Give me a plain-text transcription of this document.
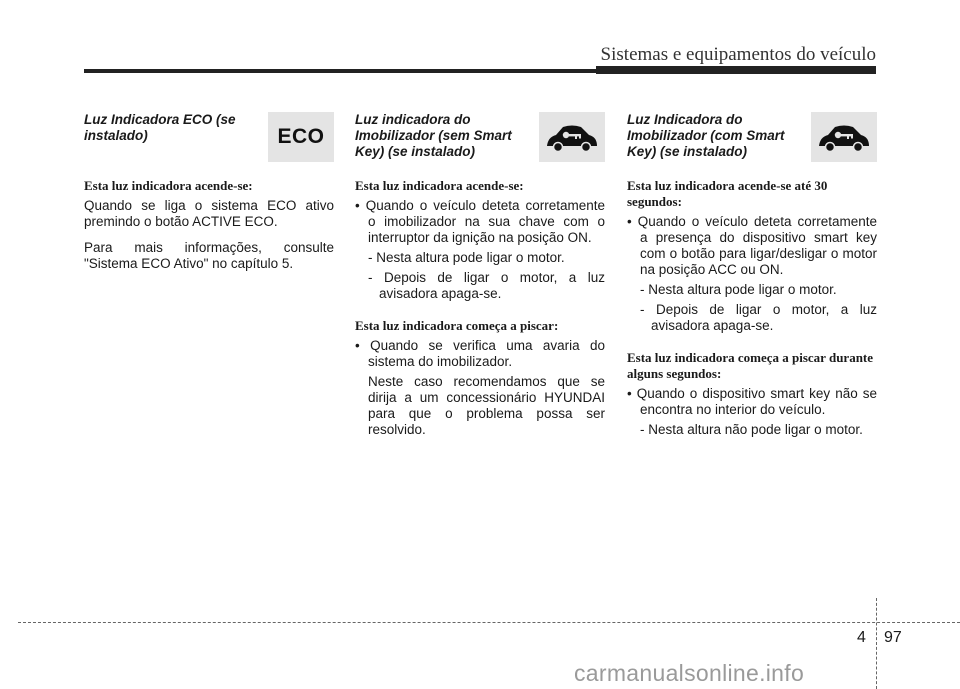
Sistemas e equipamentos do veículo
Luz Indicadora ECO (se instalado)	ECO
Esta luz indicadora acende-se:
Quando se liga o sistema ECO ativo premindo o botão ACTIVE ECO.
Para mais informações, consulte "Sistema ECO Ativo" no capítulo 5.
Luz indicadora do Imobilizador (sem Smart Key) (se instalado)
Esta luz indicadora acende-se:
• Quando o veículo deteta corretamente o imobilizador na sua chave com o interruptor da ignição na posição ON.
- Nesta altura pode ligar o motor.
- Depois de ligar o motor, a luz avisadora apaga-se.
Esta luz indicadora começa a piscar:
• Quando se verifica uma avaria do sistema do imobilizador.
Neste caso recomendamos que se dirija a um concessionário HYUNDAI para que o problema possa ser resolvido.
Luz Indicadora do Imobilizador (com Smart Key) (se instalado)
Esta luz indicadora acende-se até 30 segundos:
• Quando o veículo deteta corretamente a presença do dispositivo smart key com o botão para ligar/desligar o motor na posição ACC ou ON.
- Nesta altura pode ligar o motor.
- Depois de ligar o motor, a luz avisadora apaga-se.
Esta luz indicadora começa a piscar durante alguns segundos:
• Quando o dispositivo smart key não se encontra no interior do veículo.
- Nesta altura não pode ligar o motor.
4 97
carmanualsonline.info
